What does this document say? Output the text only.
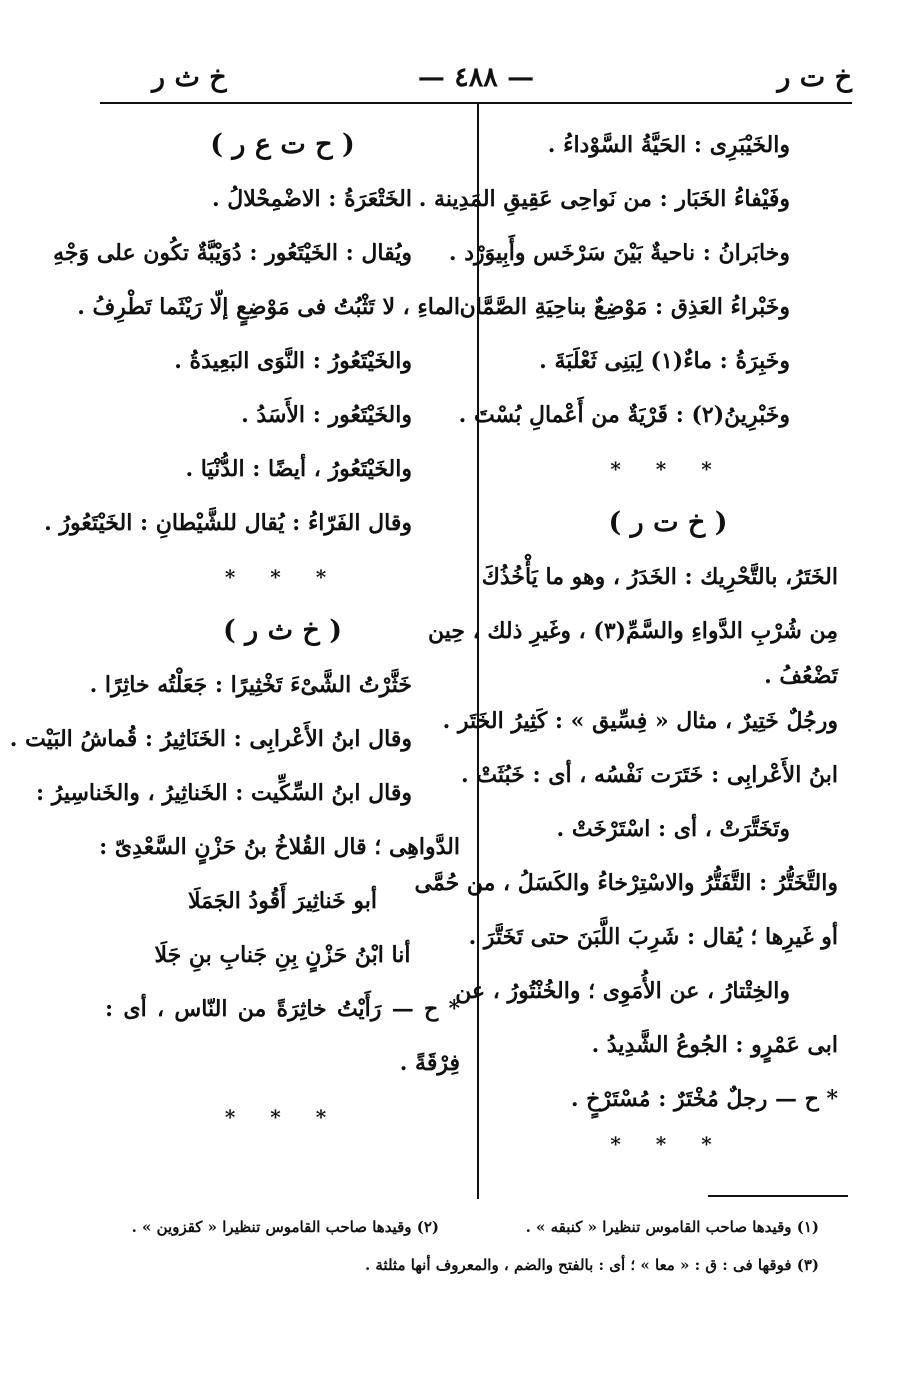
خ ت ر
— ٤٨٨ —
خ ث ر
والخَيْبَرِى : الحَيَّةُ السَّوْداءُ .
وفَيْفاءُ الخَبَار : من نَواحِى عَقِيقِ المَدِينة .
وخابَرانُ : ناحيةٌ بَيْنَ سَرْخَس وأَبِيوَرْد .
وخَبْراءُ العَذِق : مَوْضِعٌ بناحِيَةِ الصَّمَّان .
وخَبِرَةُ : ماءٌ(١) لِبَنِى ثَعْلَبَةَ .
وخَبْرِينُ(٢) : قَرْيَةٌ من أَعْمالِ بُسْتَ .
* * *
( خ ت ر )
الخَتَرُ، بالتَّحْرِيك : الخَدَرُ ، وهو ما يَأْخُذُكَ
مِن شُرْبِ الدَّواءِ والسَّمِّ(٣) ، وغَيرِ ذلك ، حِين
تَضْعُفُ .
ورجُلٌ خَتِيرٌ ، مثال « فِسِّيق » : كَثِيرُ الخَتَر .
ابنُ الأَعْرابِى : خَتَرَت نَفْسُه ، أى : خَبُثَتْ .
وتَخَتَّرَتْ ، أى : اسْتَرْخَتْ .
والتَّخَتُّرُ : التَّفَتُّرُ والاسْتِرْخاءُ والكَسَلُ ، من حُمَّى
أو غَيرِها ؛ يُقال : شَرِبَ اللَّبَنَ حتى تَخَتَّرَ .
والخِتْتارُ ، عن الأُمَوِى ؛ والخُنْتُورُ ، عن
ابى عَمْرٍو : الجُوعُ الشَّدِيدُ .
* ح — رجلٌ مُخْتَرٌ : مُسْتَرْخٍ .
* * *
( ح ت ع ر )
الخَتْعَرَةُ : الاضْمِحْلالُ .
ويُقال : الخَيْتَعُور : دُوَيْبَّةٌ تكُون على وَجْهِ
الماءِ ، لا تَثْبُتُ فى مَوْضِعٍ إلّا رَيْثَما تَطْرِفُ .
والخَيْتَعُورُ : النَّوَى البَعِيدَةُ .
والخَيْتَعُور : الأَسَدُ .
والخَيْتَعُورُ ، أيضًا : الدُّنْيَا .
وقال الفَرّاءُ : يُقال للشَّيْطانِ : الخَيْتَعُورُ .
* * *
( خ ث ر )
خَثَّرْتُ الشَّىْءَ تَخْثِيرًا : جَعَلْتُه خاثِرًا .
وقال ابنُ الأَعْرابِى : الخَنَاثِيرُ : قُماشُ البَيْت .
وقال ابنُ السِّكِّيت : الخَناثِيرُ ، والخَناسِيرُ :
الدَّواهِى ؛ قال القُلاخُ بنُ حَزْنٍ السَّعْدِىّ :
أبو خَناثِيرَ أَقُودُ الجَمَلَا
أنا ابْنُ حَزْنٍ بِنِ جَنابِ بنِ جَلَا
* ح — رَأَيْتُ خاثِرَةً من النّاس ، أى :
فِرْقَةً .
* * *
(١) وقيدها صاحب القاموس تنظيرا « كنبقه » .
(٢) وقيدها صاحب القاموس تنظيرا « كقزوين » .
(٣) فوقها فى : ق : « معا » ؛ أى : بالفتح والضم ، والمعروف أنها مثلثة .
